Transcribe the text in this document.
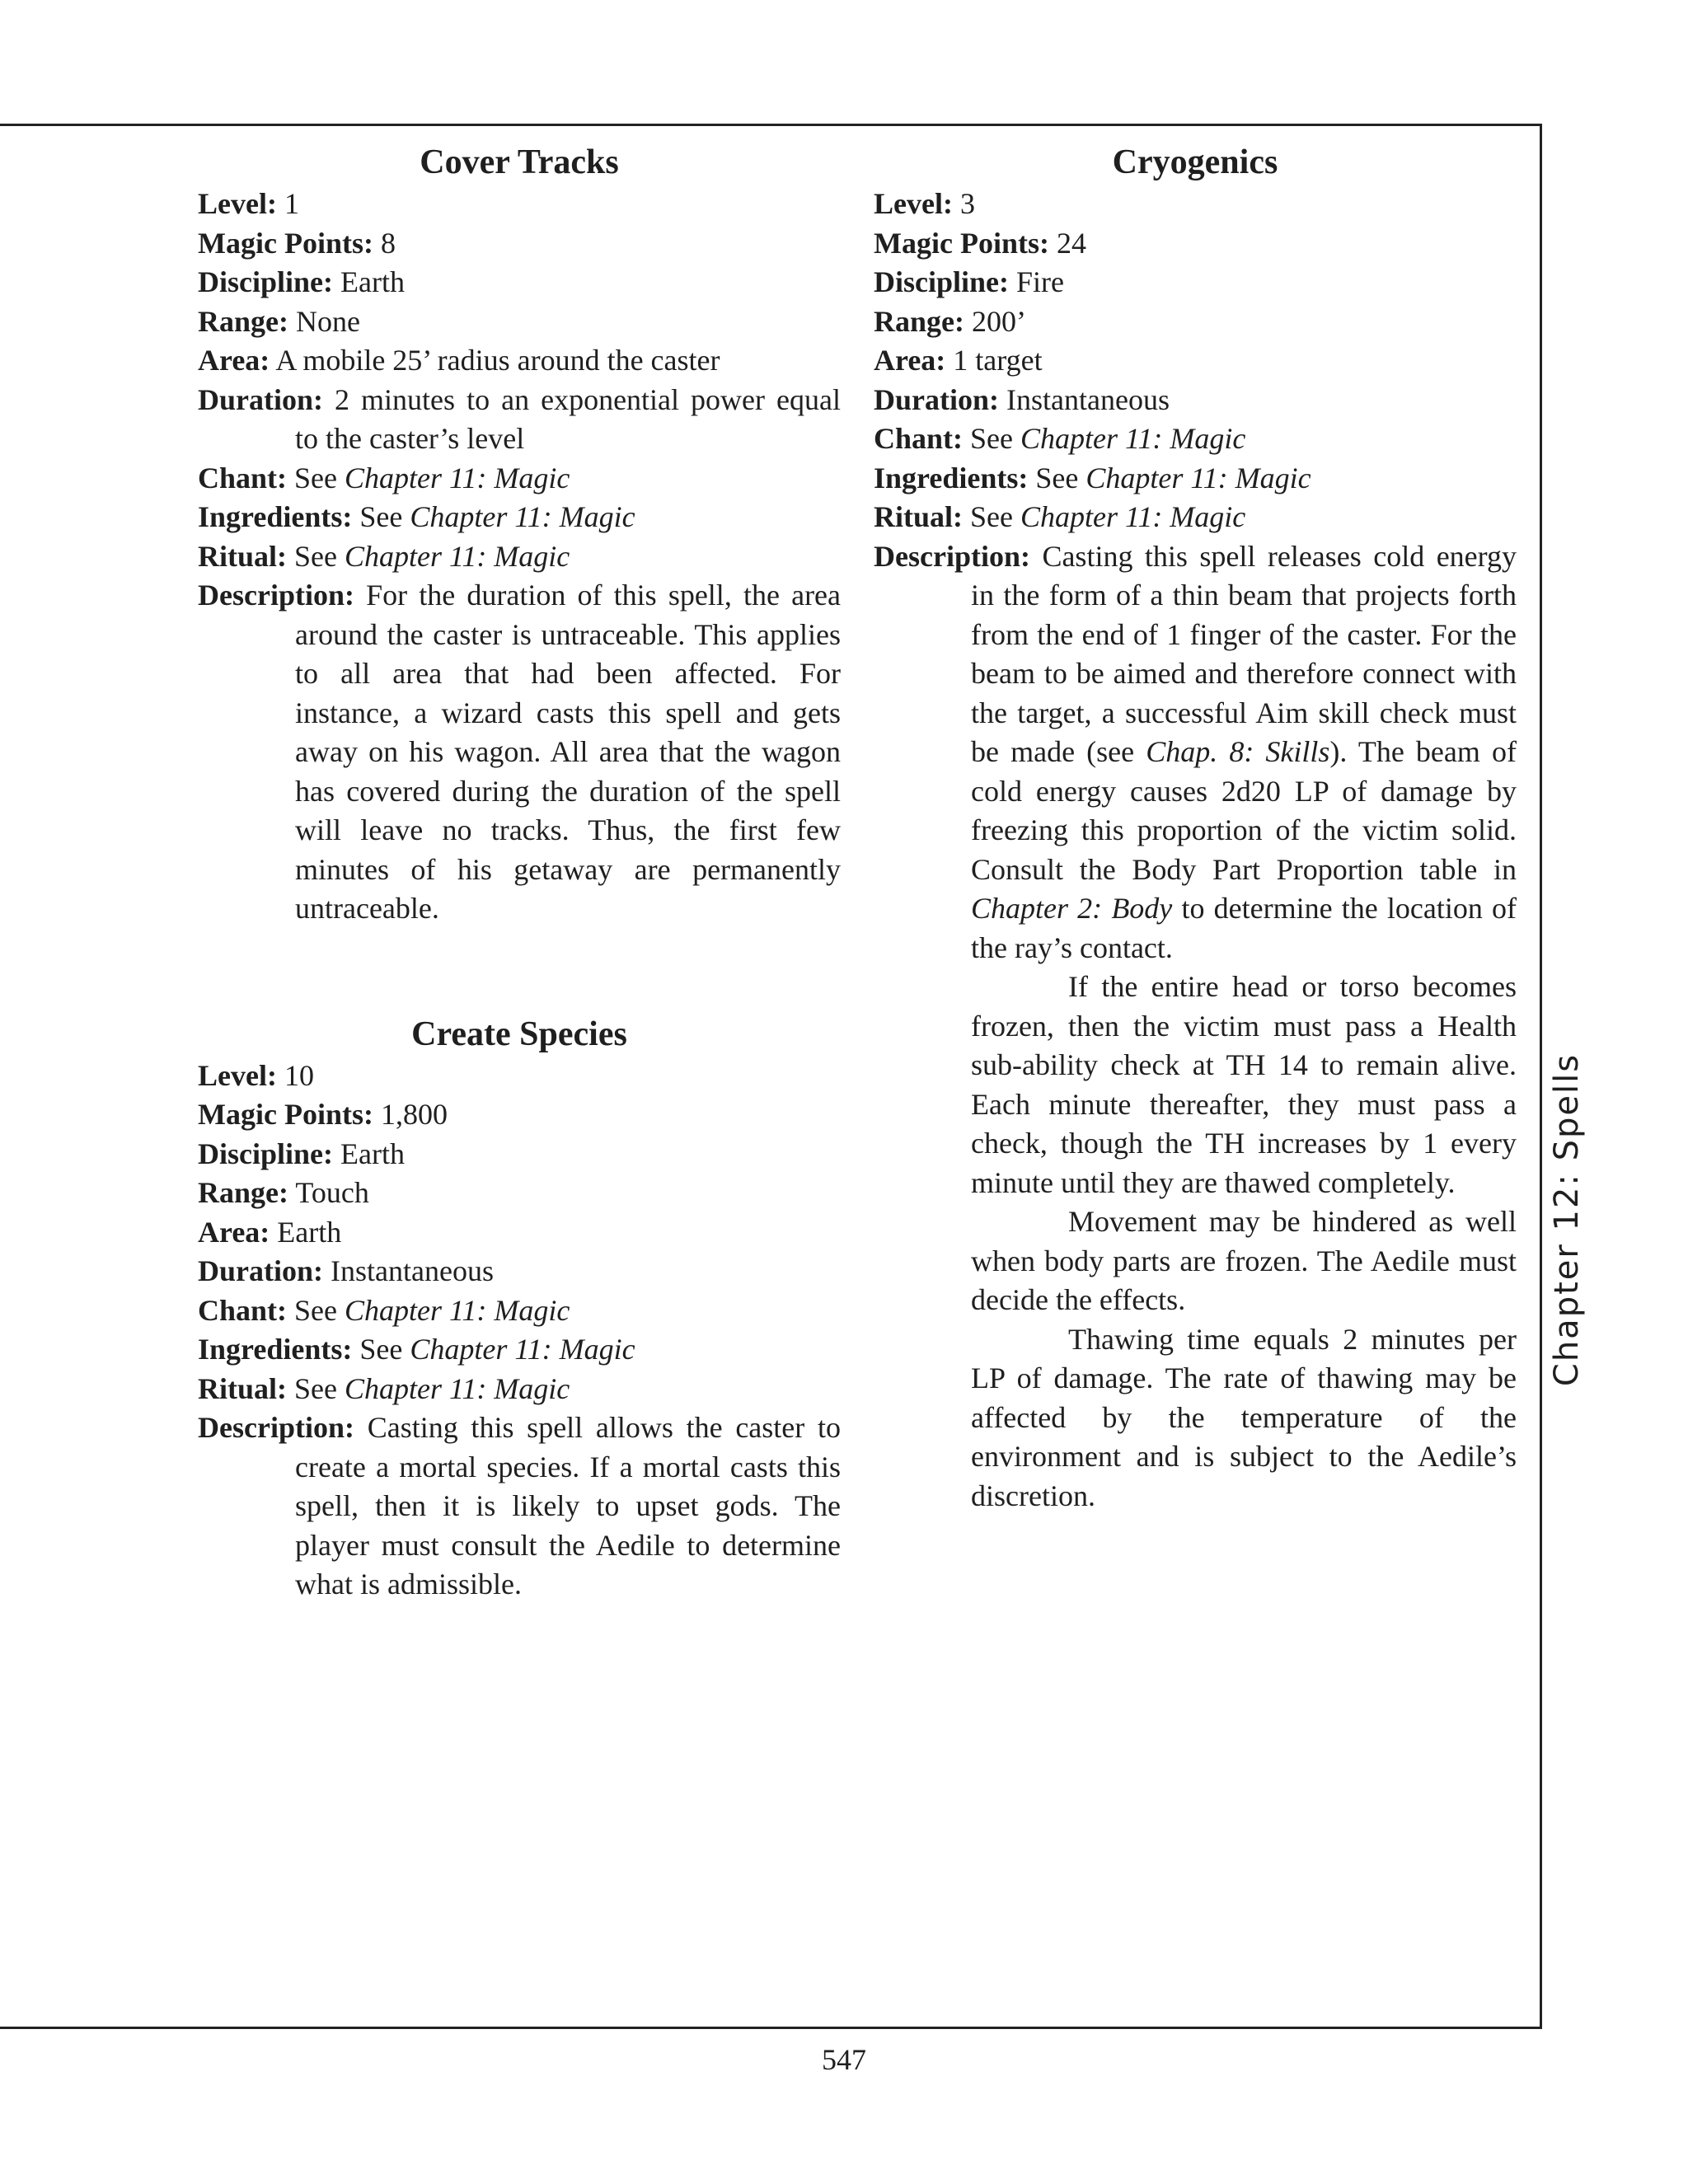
Cover Tracks

Level: 1

Magic Points: 8

Discipline: Earth

Range: None

Area: A mobile 25’ radius around the caster

Duration: 2 minutes to an exponential power equal to the caster’s level

Chant: See Chapter 11: Magic

Ingredients: See Chapter 11: Magic

Ritual: See Chapter 11: Magic

Description: For the duration of this spell, the area around the caster is untraceable. This applies to all area that had been affected. For instance, a wizard casts this spell and gets away on his wagon. All area that the wagon has covered during the duration of the spell will leave no tracks. Thus, the first few minutes of his getaway are permanently untraceable.

Create Species

Level: 10

Magic Points: 1,800

Discipline: Earth

Range: Touch

Area: Earth

Duration: Instantaneous

Chant: See Chapter 11: Magic

Ingredients: See Chapter 11: Magic

Ritual: See Chapter 11: Magic

Description: Casting this spell allows the caster to create a mortal species. If a mortal casts this spell, then it is likely to upset gods. The player must consult the Aedile to determine what is admissible.

Cryogenics

Level: 3

Magic Points: 24

Discipline: Fire

Range: 200’

Area: 1 target

Duration: Instantaneous

Chant: See Chapter 11: Magic

Ingredients: See Chapter 11: Magic

Ritual: See Chapter 11: Magic

Description: Casting this spell releases cold energy in the form of a thin beam that projects forth from the end of 1 finger of the caster. For the beam to be aimed and therefore connect with the target, a successful Aim skill check must be made (see Chap. 8: Skills). The beam of cold energy causes 2d20 LP of damage by freezing this proportion of the victim solid. Consult the Body Part Proportion table in Chapter 2: Body to determine the location of the ray’s contact.

If the entire head or torso becomes frozen, then the victim must pass a Health sub-ability check at TH 14 to remain alive. Each minute thereafter, they must pass a check, though the TH increases by 1 every minute until they are thawed completely.

Movement may be hindered as well when body parts are frozen. The Aedile must decide the effects.

Thawing time equals 2 minutes per LP of damage. The rate of thawing may be affected by the temperature of the environment and is subject to the Aedile’s discretion.

Chapter 12: Spells
547
